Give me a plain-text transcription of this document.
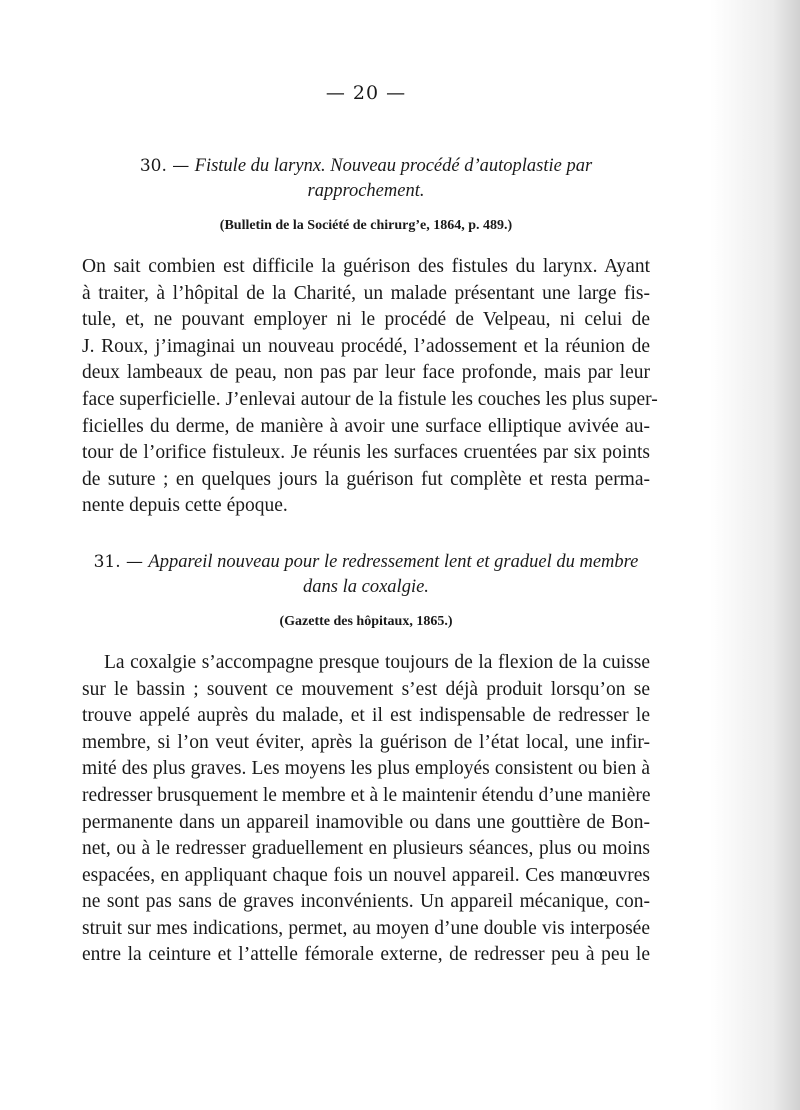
— 20 —

30. — Fistule du larynx. Nouveau procédé d’autoplastie par
rapprochement.

(Bulletin de la Société de chirurg’e, 1864, p. 489.)
On sait combien est difficile la guérison des fistules du larynx. Ayant
à traiter, à l’hôpital de la Charité, un malade présentant une large fis-
tule, et, ne pouvant employer ni le procédé de Velpeau, ni celui de
J. Roux, j’imaginai un nouveau procédé, l’adossement et la réunion de
deux lambeaux de peau, non pas par leur face profonde, mais par leur
face superficielle. J’enlevai autour de la fistule les couches les plus super-
ficielles du derme, de manière à avoir une surface elliptique avivée au-
tour de l’orifice fistuleux. Je réunis les surfaces cruentées par six points
de suture ; en quelques jours la guérison fut complète et resta perma-
nente depuis cette époque.

31. — Appareil nouveau pour le redressement lent et graduel du membre
dans la coxalgie.

(Gazette des hôpitaux, 1865.)
La coxalgie s’accompagne presque toujours de la flexion de la cuisse
sur le bassin ; souvent ce mouvement s’est déjà produit lorsqu’on se
trouve appelé auprès du malade, et il est indispensable de redresser le
membre, si l’on veut éviter, après la guérison de l’état local, une infir-
mité des plus graves. Les moyens les plus employés consistent ou bien à
redresser brusquement le membre et à le maintenir étendu d’une manière
permanente dans un appareil inamovible ou dans une gouttière de Bon-
net, ou à le redresser graduellement en plusieurs séances, plus ou moins
espacées, en appliquant chaque fois un nouvel appareil. Ces manœuvres
ne sont pas sans de graves inconvénients. Un appareil mécanique, con-
struit sur mes indications, permet, au moyen d’une double vis interposée
entre la ceinture et l’attelle fémorale externe, de redresser peu à peu le
